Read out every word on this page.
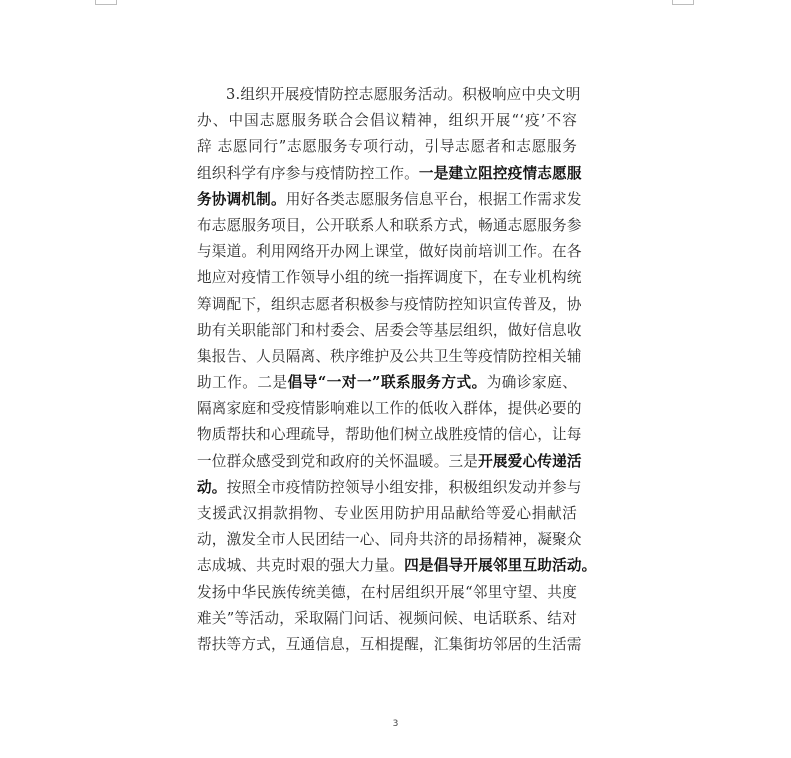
3.组织开展疫情防控志愿服务活动。积极响应中央文明
办、中国志愿服务联合会倡议精神，组织开展“‘疫’不容
辞 志愿同行”志愿服务专项行动，引导志愿者和志愿服务
组织科学有序参与疫情防控工作。一是建立阻控疫情志愿服
务协调机制。用好各类志愿服务信息平台，根据工作需求发
布志愿服务项目，公开联系人和联系方式，畅通志愿服务参
与渠道。利用网络开办网上课堂，做好岗前培训工作。在各
地应对疫情工作领导小组的统一指挥调度下，在专业机构统
筹调配下，组织志愿者积极参与疫情防控知识宣传普及，协
助有关职能部门和村委会、居委会等基层组织，做好信息收
集报告、人员隔离、秩序维护及公共卫生等疫情防控相关辅
助工作。二是倡导“一对一”联系服务方式。为确诊家庭、
隔离家庭和受疫情影响难以工作的低收入群体，提供必要的
物质帮扶和心理疏导，帮助他们树立战胜疫情的信心，让每
一位群众感受到党和政府的关怀温暖。三是开展爱心传递活
动。按照全市疫情防控领导小组安排，积极组织发动并参与
支援武汉捐款捐物、专业医用防护用品献给等爱心捐献活
动，激发全市人民团结一心、同舟共济的昂扬精神，凝聚众
志成城、共克时艰的强大力量。四是倡导开展邻里互助活动。
发扬中华民族传统美德，在村居组织开展“邻里守望、共度
难关”等活动，采取隔门问话、视频问候、电话联系、结对
帮扶等方式，互通信息，互相提醒，汇集街坊邻居的生活需
3
